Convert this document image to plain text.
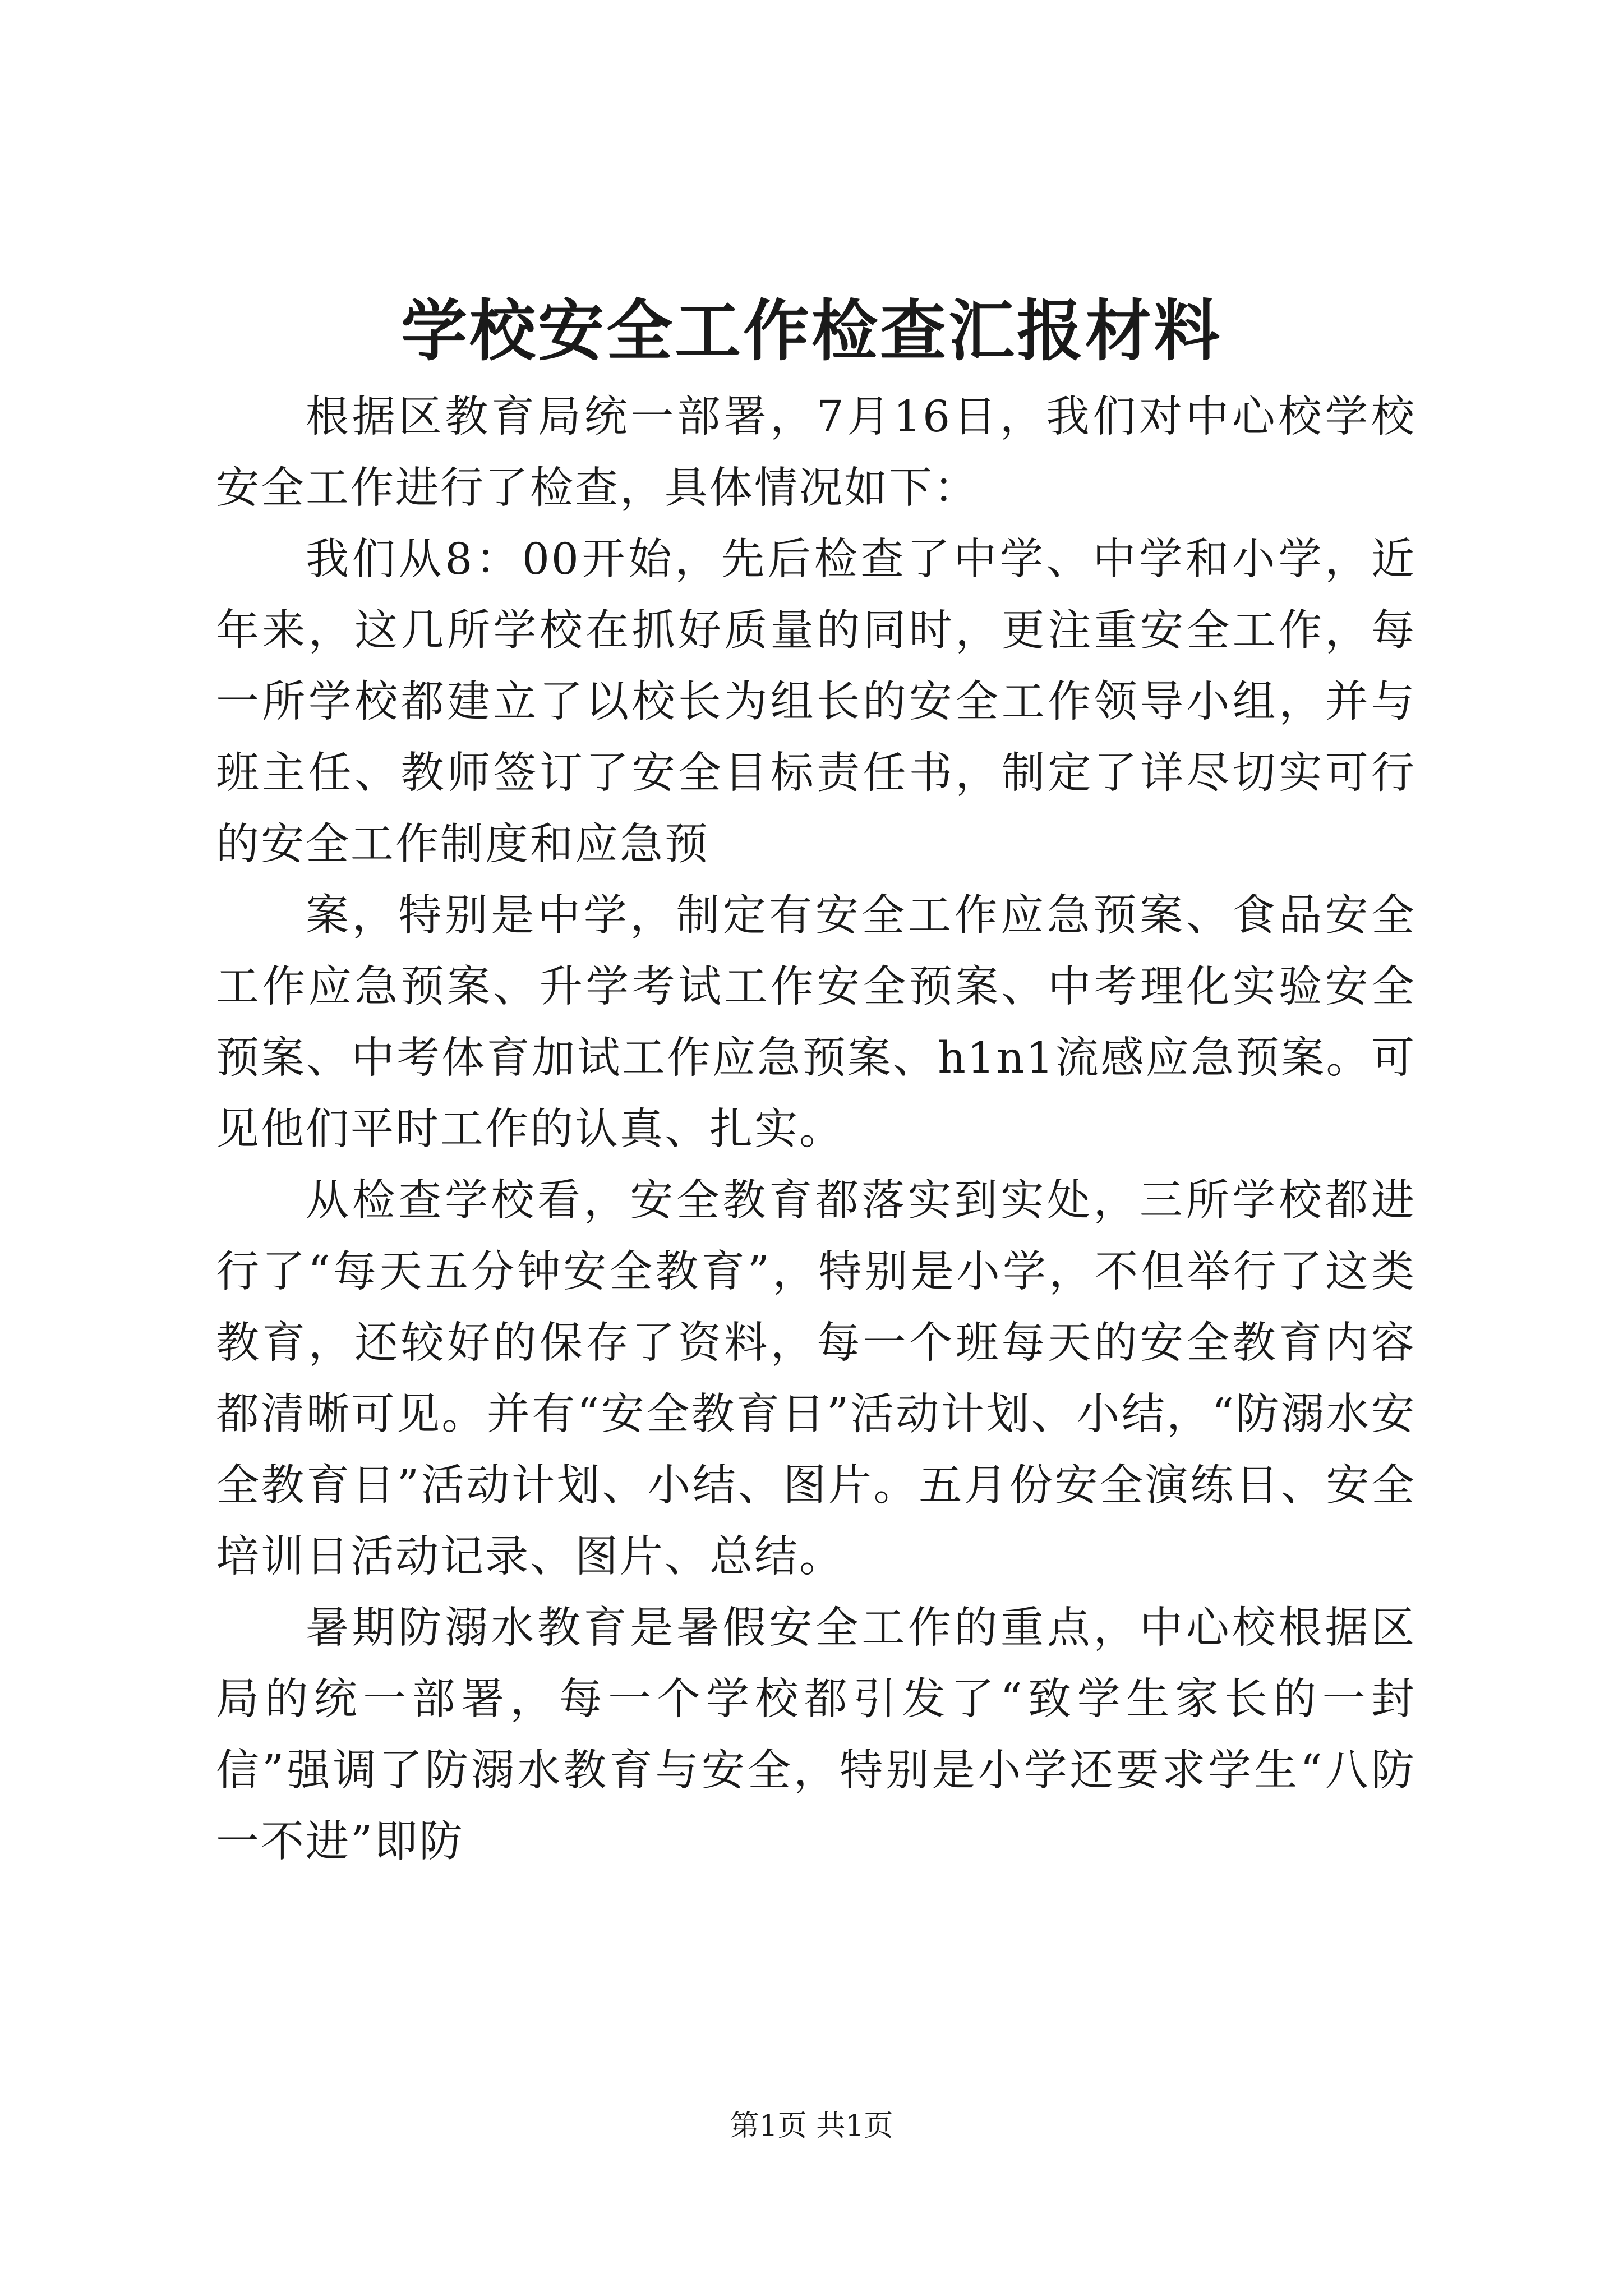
学校安全工作检查汇报材料

根据区教育局统一部署，7月16日，我们对中心校学校安全工作进行了检查，具体情况如下：

我们从8：00开始，先后检查了中学、中学和小学，近年来，这几所学校在抓好质量的同时，更注重安全工作，每一所学校都建立了以校长为组长的安全工作领导小组，并与班主任、教师签订了安全目标责任书，制定了详尽切实可行的安全工作制度和应急预

案，特别是中学，制定有安全工作应急预案、食品安全工作应急预案、升学考试工作安全预案、中考理化实验安全预案、中考体育加试工作应急预案、h1n1流感应急预案。可见他们平时工作的认真、扎实。

从检查学校看，安全教育都落实到实处，三所学校都进行了“每天五分钟安全教育”，特别是小学，不但举行了这类教育，还较好的保存了资料，每一个班每天的安全教育内容都清晰可见。并有“安全教育日”活动计划、小结，“防溺水安全教育日”活动计划、小结、图片。五月份安全演练日、安全培训日活动记录、图片、总结。

暑期防溺水教育是暑假安全工作的重点，中心校根据区局的统一部署，每一个学校都引发了“致学生家长的一封信”强调了防溺水教育与安全，特别是小学还要求学生“八防一不进”即防

第1页 共1页
